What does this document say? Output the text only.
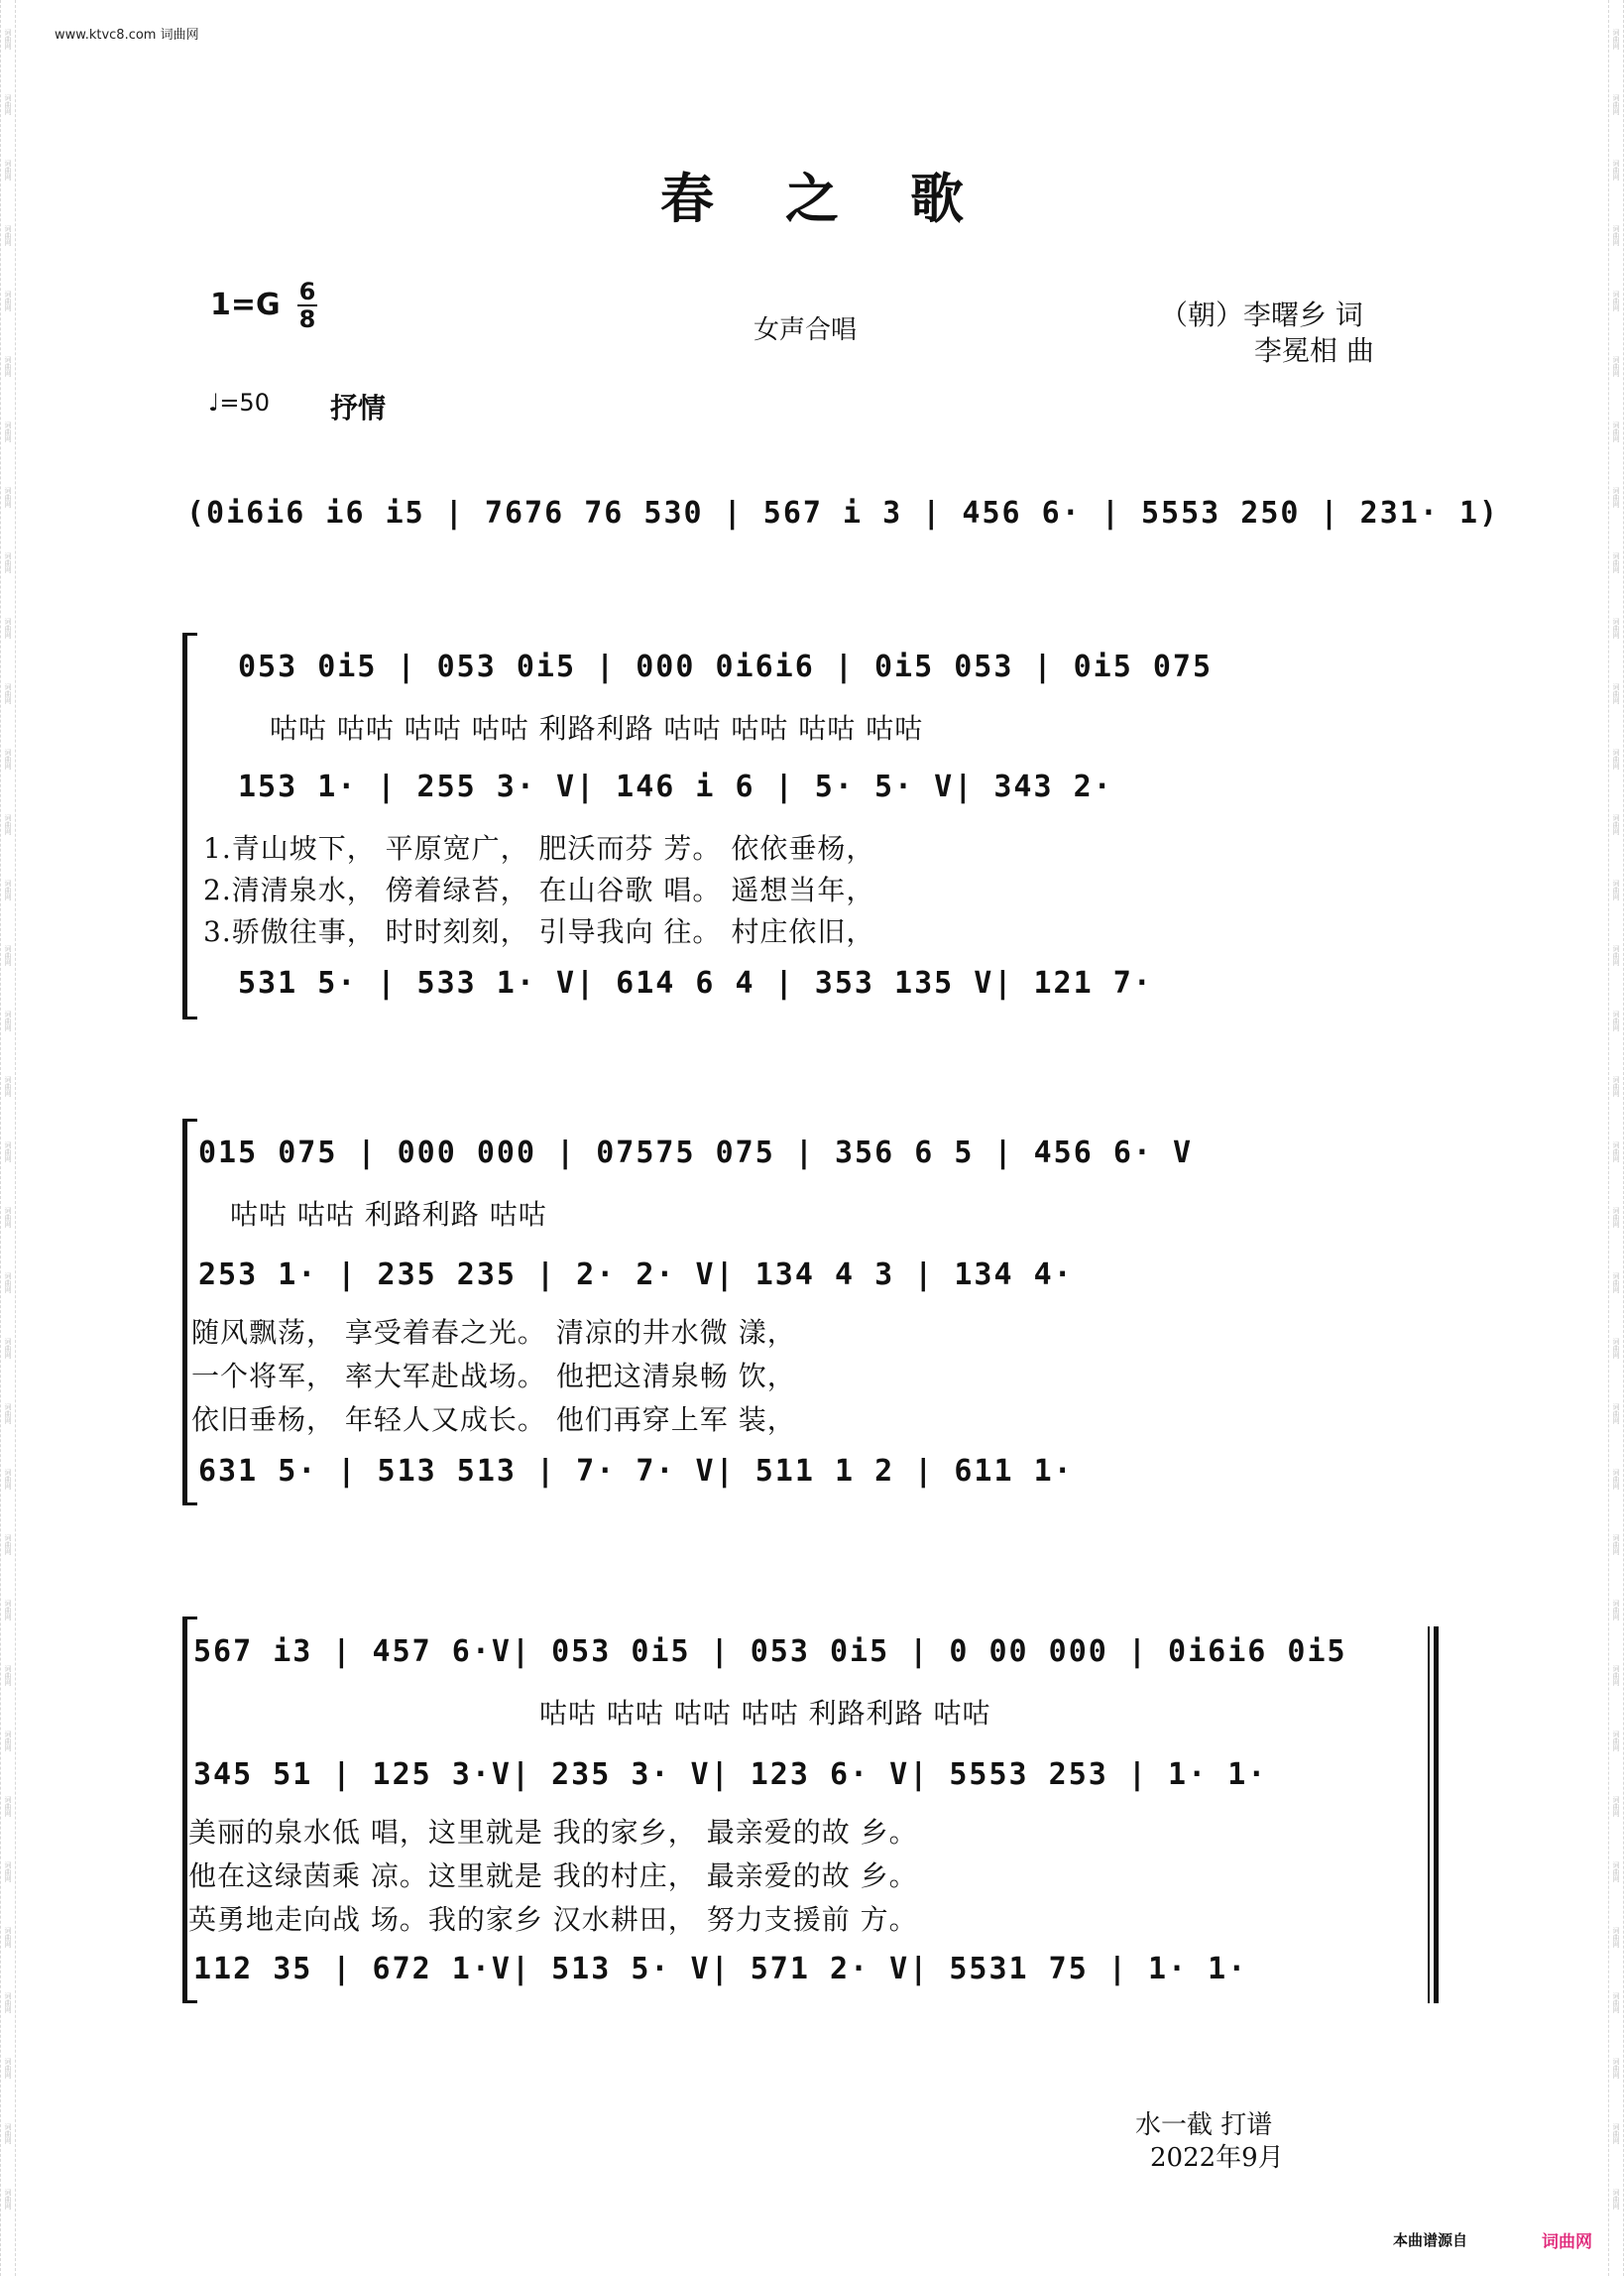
词
曲
网
词
曲
网
词
曲
网
词
曲
网
词
曲
网
词
曲
网
词
曲
网
词
曲
网
词
曲
网
词
曲
网
词
曲
网
词
曲
网
词
曲
网
词
曲
网
词
曲
网
词
曲
网
词
曲
网
词
曲
网
词
曲
网
词
曲
网
词
曲
网
词
曲
网
词
曲
网
词
曲
网
词
曲
网
词
曲
网
词
曲
网
词
曲
网
词
曲
网
词
曲
网
词
曲
网
词
曲
网
词
曲
网
词
曲
网
词
曲
网
词
曲
网
词
曲
网
词
曲
网
词
曲
网
词
曲
网
词
曲
网
词
曲
网
词
曲
网
词
曲
网
词
曲
网
词
曲
网
词
曲
网
词
曲
网
词
曲
网
词
曲
网
词
曲
网
词
曲
网
词
曲
网
词
曲
网
词
曲
网
词
曲
网
词
曲
网
词
曲
网
词
曲
网
词
曲
网
词
曲
网
词
曲
网
词
曲
网
词
曲
网
词
曲
网
词
曲
网
词
曲
网
词
曲
网
www.ktvc8.com 词曲网
春之歌
1=G 6
8	女声合唱	（朝）李曙乡 词
李冕相 曲
♩=50 抒情
(0i6i6 i6 i5 | 7676 76 530 | 567 i 3 | 456 6· | 5553 250 | 231· 1)
053 0i5 | 053 0i5 | 000 0i6i6 | 0i5 053 | 0i5 075
咕咕 咕咕 咕咕 咕咕 利路利路 咕咕 咕咕 咕咕 咕咕
153 1· | 255 3· V| 146 i 6 | 5· 5· V| 343 2·
1.青山坡下， 平原宽广， 肥沃而芬 芳。 依依垂杨，
2.清清泉水， 傍着绿苔， 在山谷歌 唱。 遥想当年，
3.骄傲往事， 时时刻刻， 引导我向 往。 村庄依旧，
531 5· | 533 1· V| 614 6 4 | 353 135 V| 121 7·
015 075 | 000 000 | 07575 075 | 356 6 5 | 456 6· V
咕咕 咕咕 利路利路 咕咕
253 1· | 235 235 | 2· 2· V| 134 4 3 | 134 4·
随风飘荡， 享受着春之光。 清凉的井水微 漾，
一个将军， 率大军赴战场。 他把这清泉畅 饮，
依旧垂杨， 年轻人又成长。 他们再穿上军 装，
631 5· | 513 513 | 7· 7· V| 511 1 2 | 611 1·
567 i3 | 457 6·V| 053 0i5 | 053 0i5 | 0 00 000 | 0i6i6 0i5
咕咕 咕咕 咕咕 咕咕 利路利路 咕咕
345 51 | 125 3·V| 235 3· V| 123 6· V| 5553 253 | 1· 1·
美丽的泉水低 唱，这里就是 我的家乡， 最亲爱的故 乡。
他在这绿茵乘 凉。这里就是 我的村庄， 最亲爱的故 乡。
英勇地走向战 场。我的家乡 汉水耕田， 努力支援前 方。
112 35 | 672 1·V| 513 5· V| 571 2· V| 5531 75 | 1· 1·
水一截 打谱
2022年9月
本曲谱源自	词曲网
